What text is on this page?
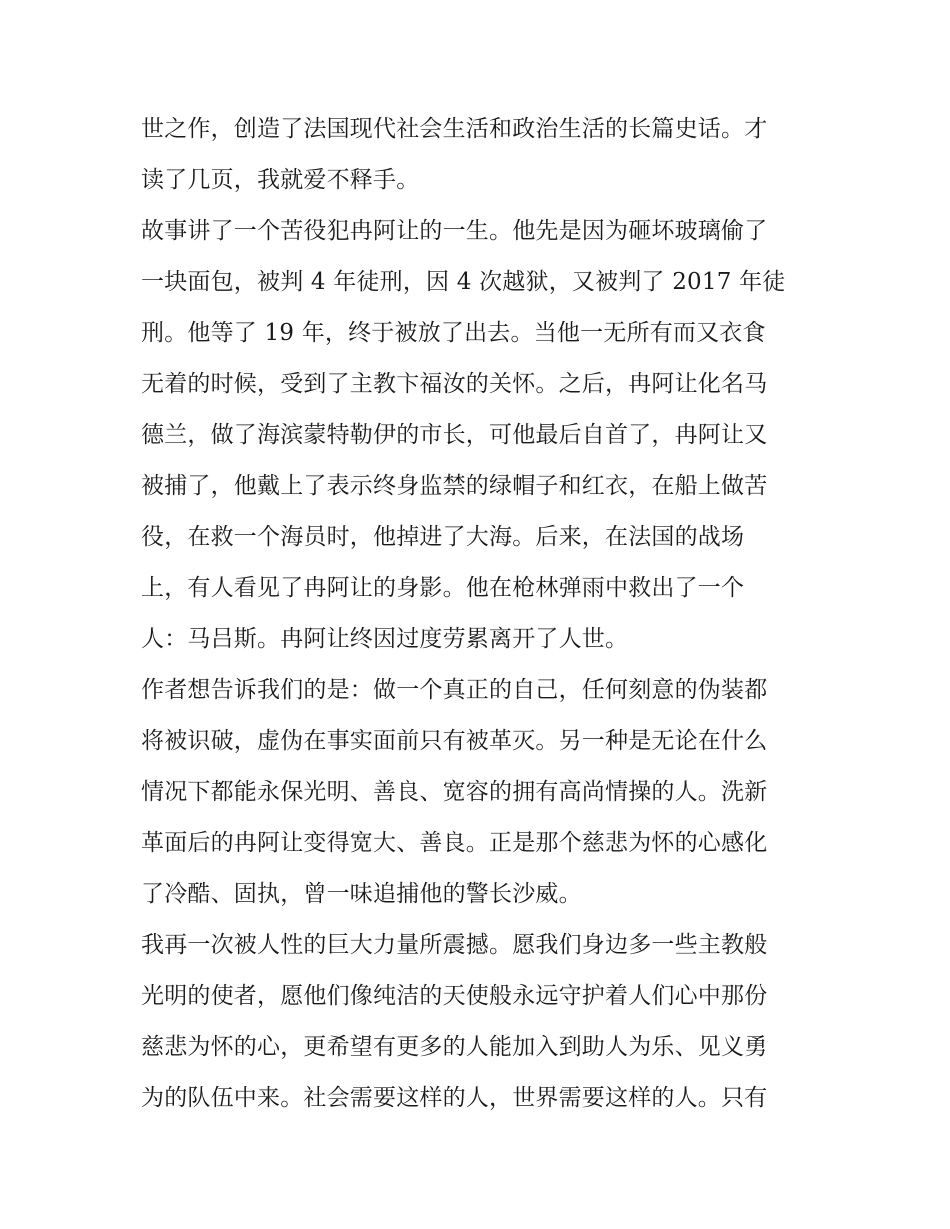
世之作，创造了法国现代社会生活和政治生活的长篇史话。才
读了几页，我就爱不释手。
故事讲了一个苦役犯冉阿让的一生。他先是因为砸坏玻璃偷了
一块面包，被判 4 年徒刑，因 4 次越狱，又被判了 2017 年徒
刑。他等了 19 年，终于被放了出去。当他一无所有而又衣食
无着的时候，受到了主教卞福汝的关怀。之后，冉阿让化名马
德兰，做了海滨蒙特勒伊的市长，可他最后自首了，冉阿让又
被捕了，他戴上了表示终身监禁的绿帽子和红衣，在船上做苦
役，在救一个海员时，他掉进了大海。后来，在法国的战场
上，有人看见了冉阿让的身影。他在枪林弹雨中救出了一个
人：马吕斯。冉阿让终因过度劳累离开了人世。
作者想告诉我们的是：做一个真正的自己，任何刻意的伪装都
将被识破，虚伪在事实面前只有被革灭。另一种是无论在什么
情况下都能永保光明、善良、宽容的拥有高尚情操的人。洗新
革面后的冉阿让变得宽大、善良。正是那个慈悲为怀的心感化
了冷酷、固执，曾一味追捕他的警长沙威。
我再一次被人性的巨大力量所震撼。愿我们身边多一些主教般
光明的使者，愿他们像纯洁的天使般永远守护着人们心中那份
慈悲为怀的心，更希望有更多的人能加入到助人为乐、见义勇
为的队伍中来。社会需要这样的人，世界需要这样的人。只有
